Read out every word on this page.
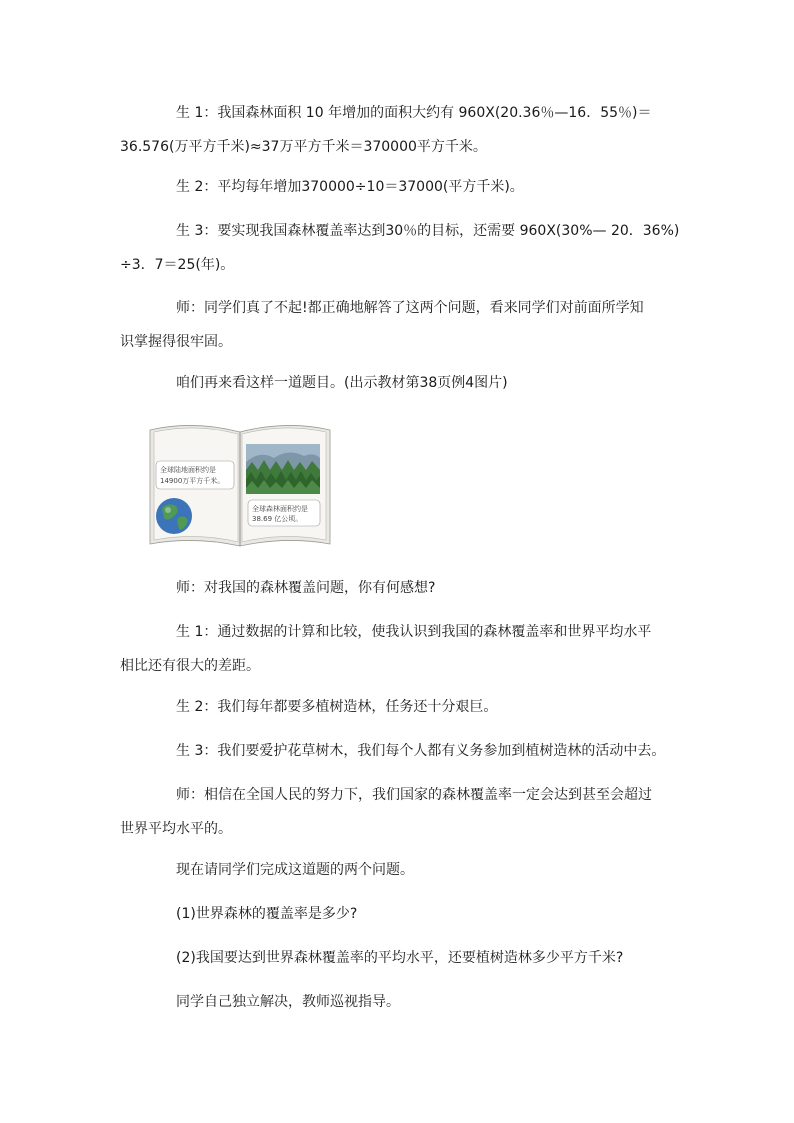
生 1：我国森林面积 10 年增加的面积大约有 960X(20.36％—16．55％)＝
36.576(万平方千米)≈37万平方千米＝370000平方千米。

生 2：平均每年增加370000÷10＝37000(平方千米)。

生 3：要实现我国森林覆盖率达到30％的目标，还需要 960X(30%— 20．36%)
÷3．7＝25(年)。

师：同学们真了不起!都正确地解答了这两个问题，看来同学们对前面所学知
识掌握得很牢固。

咱们再来看这样一道题目。(出示教材第38页例4图片)

全球陆地面积约是
14900万平方千米。
全球森林面积约是
38.69 亿公顷。

师：对我国的森林覆盖问题，你有何感想?

生 1：通过数据的计算和比较，使我认识到我国的森林覆盖率和世界平均水平
相比还有很大的差距。

生 2：我们每年都要多植树造林，任务还十分艰巨。

生 3：我们要爱护花草树木，我们每个人都有义务参加到植树造林的活动中去。

师：相信在全国人民的努力下，我们国家的森林覆盖率一定会达到甚至会超过
世界平均水平的。

现在请同学们完成这道题的两个问题。

(1)世界森林的覆盖率是多少?

(2)我国要达到世界森林覆盖率的平均水平，还要植树造林多少平方千米?

同学自己独立解决，教师巡视指导。
